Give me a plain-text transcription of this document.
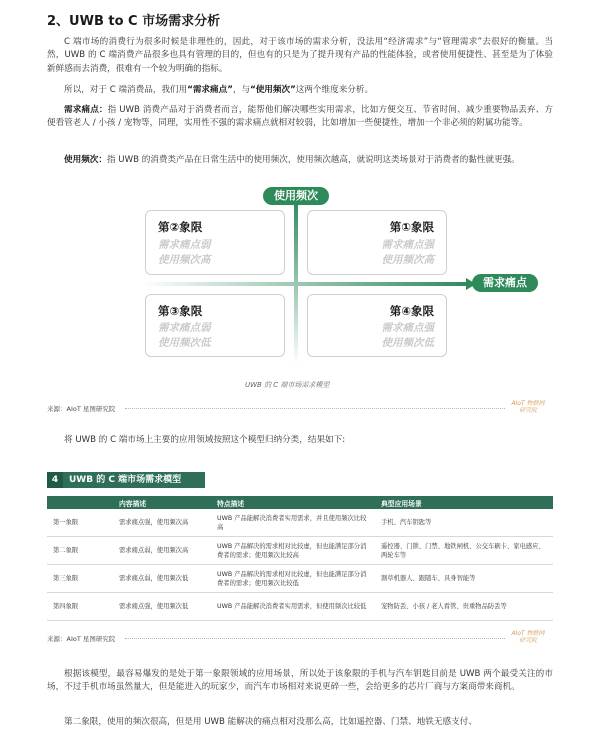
2、UWB to C 市场需求分析
C 端市场的消费行为很多时候是非理性的，因此，对于该市场的需求分析，没法用“经济需求”与“管理需求”去很好的衡量。当然，UWB 的 C 端消费产品很多也具有管理的目的，但也有的只是为了提升现有产品的性能体验，或者使用便捷性、甚至是为了体验新鲜感而去消费，很难有一个较为明确的指标。
所以，对于 C 端消费品，我们用“需求痛点”，与“使用频次”这两个维度来分析。
需求痛点：指 UWB 消费产品对于消费者而言，能帮他们解决哪些实用需求，比如方便交互、节省时间、减少重要物品丢弃、方便看管老人 / 小孩 / 宠物等，同理，实用性不强的需求痛点就相对较弱，比如增加一些便捷性，增加一个非必须的附属功能等。
使用频次：指 UWB 的消费类产品在日常生活中的使用频次，使用频次越高，就说明这类场景对于消费者的黏性就更强。
使用频次
需求痛点
第②象限
需求痛点弱
使用频次高
第①象限
需求痛点强
使用频次高
第③象限
需求痛点弱
使用频次低
第④象限
需求痛点强
使用频次低
UWB 的 C 端市场需求模型
来源：AIoT 星图研究院
AIoT 物联网 研究院
将 UWB 的 C 端市场上主要的应用领域按照这个模型归纳分类，结果如下:
4	UWB 的 C 端市场需求模型
	内容描述	特点描述	典型应用场景
第一象限	需求痛点强，使用频次高	UWB 产品能解决消费者实用需求，并且使用频次比较高	手机、汽车钥匙等
第二象限	需求痛点弱，使用频次高	UWB 产品解决的需求相对比较虚，但也能满足部分消费者的需求；使用频次比较高	遥控器、门锁、门禁、地铁闸机、公交车刷卡、家电感应、两轮车等
第三象限	需求痛点弱，使用频次低	UWB 产品解决的需求相对比较虚，但也能满足部分消费者的需求；使用频次比较低	割草机器人、跟随车、具身智能等
第四象限	需求痛点强，使用频次低	UWB 产品能解决消费者实用需求，但使用频次比较低	宠物防丢、小孩 / 老人看管、贵重物品防丢等
来源：AIoT 星图研究院
AIoT 物联网 研究院
根据该模型，最容易爆发的是处于第一象限领域的应用场景，所以处于该象限的手机与汽车钥匙目前是 UWB 两个最受关注的市场，不过手机市场虽然量大，但是能进入的玩家少，而汽车市场相对来说更碎一些，会给更多的芯片厂商与方案商带来商机。
第二象限，使用的频次很高，但是用 UWB 能解决的痛点相对没那么高，比如遥控器、门禁、地铁无感支付、
